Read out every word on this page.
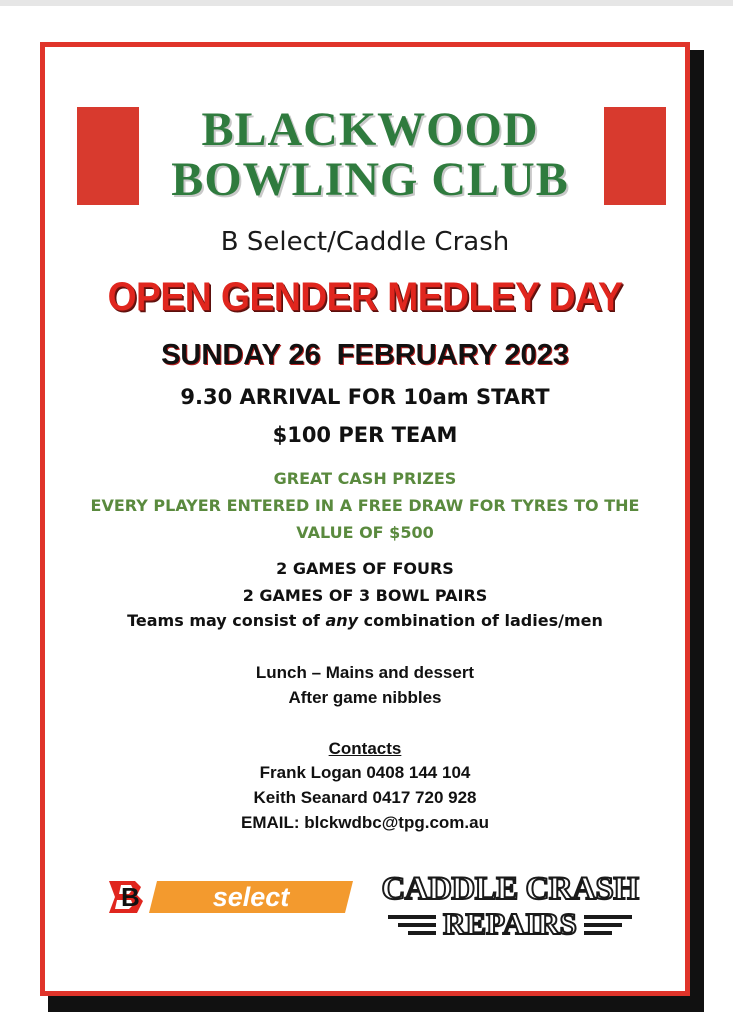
BLACKWOOD
BOWLING CLUB
B Select/Caddle Crash
OPEN GENDER MEDLEY DAY
SUNDAY 26  FEBRUARY 2023
9.30 ARRIVAL FOR 10am START
$100 PER TEAM
GREAT CASH PRIZES
EVERY PLAYER ENTERED IN A FREE DRAW FOR TYRES TO THE VALUE OF $500
2 GAMES OF FOURS
2 GAMES OF 3 BOWL PAIRS
Teams may consist of any combination of ladies/men
Lunch – Mains and dessert
After game nibbles
Contacts
Frank Logan 0408 144 104
Keith Seanard 0417 720 928
EMAIL: blckwdbc@tpg.com.au
B	select	CADDLE CRASH
REPAIRS
